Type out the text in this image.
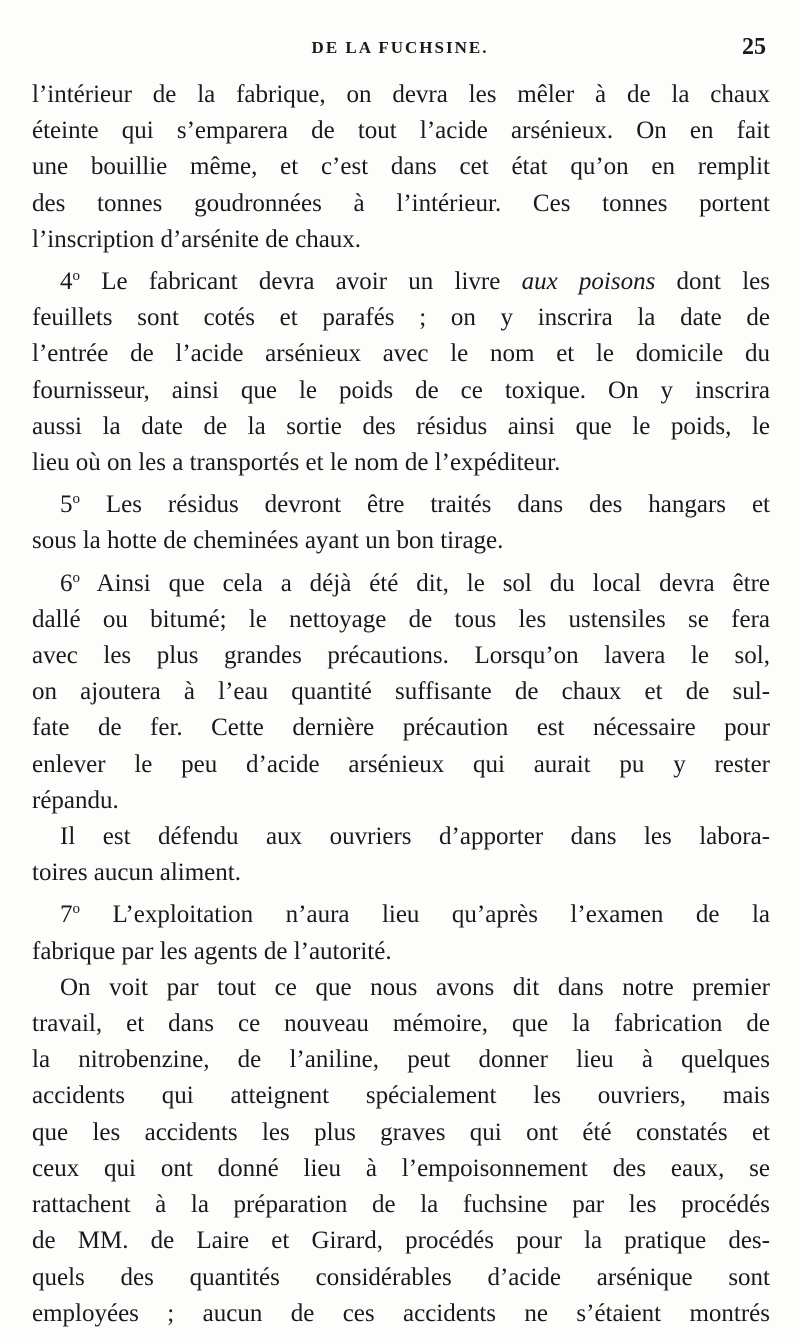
DE LA FUCHSINE.	25

l’intérieur de la fabrique, on devra les mêler à de la chaux
éteinte qui s’emparera de tout l’acide arsénieux. On en fait
une bouillie même, et c’est dans cet état qu’on en remplit
des tonnes goudronnées à l’intérieur. Ces tonnes portent
l’inscription d’arsénite de chaux.

4$^o$ Le fabricant devra avoir un livre aux poisons dont les
feuillets sont cotés et parafés ; on y inscrira la date de
l’entrée de l’acide arsénieux avec le nom et le domicile du
fournisseur, ainsi que le poids de ce toxique. On y inscrira
aussi la date de la sortie des résidus ainsi que le poids, le
lieu où on les a transportés et le nom de l’expéditeur.

5$^o$ Les résidus devront être traités dans des hangars et
sous la hotte de cheminées ayant un bon tirage.

6$^o$ Ainsi que cela a déjà été dit, le sol du local devra être
dallé ou bitumé; le nettoyage de tous les ustensiles se fera
avec les plus grandes précautions. Lorsqu’on lavera le sol,
on ajoutera à l’eau quantité suffisante de chaux et de sul-
fate de fer. Cette dernière précaution est nécessaire pour
enlever le peu d’acide arsénieux qui aurait pu y rester
répandu.

Il est défendu aux ouvriers d’apporter dans les labora-
toires aucun aliment.

7$^o$ L’exploitation n’aura lieu qu’après l’examen de la
fabrique par les agents de l’autorité.

On voit par tout ce que nous avons dit dans notre premier
travail, et dans ce nouveau mémoire, que la fabrication de
la nitrobenzine, de l’aniline, peut donner lieu à quelques
accidents qui atteignent spécialement les ouvriers, mais
que les accidents les plus graves qui ont été constatés et
ceux qui ont donné lieu à l’empoisonnement des eaux, se
rattachent à la préparation de la fuchsine par les procédés
de MM. de Laire et Girard, procédés pour la pratique des-
quels des quantités considérables d’acide arsénique sont
employées ; aucun de ces accidents ne s’étaient montrés
